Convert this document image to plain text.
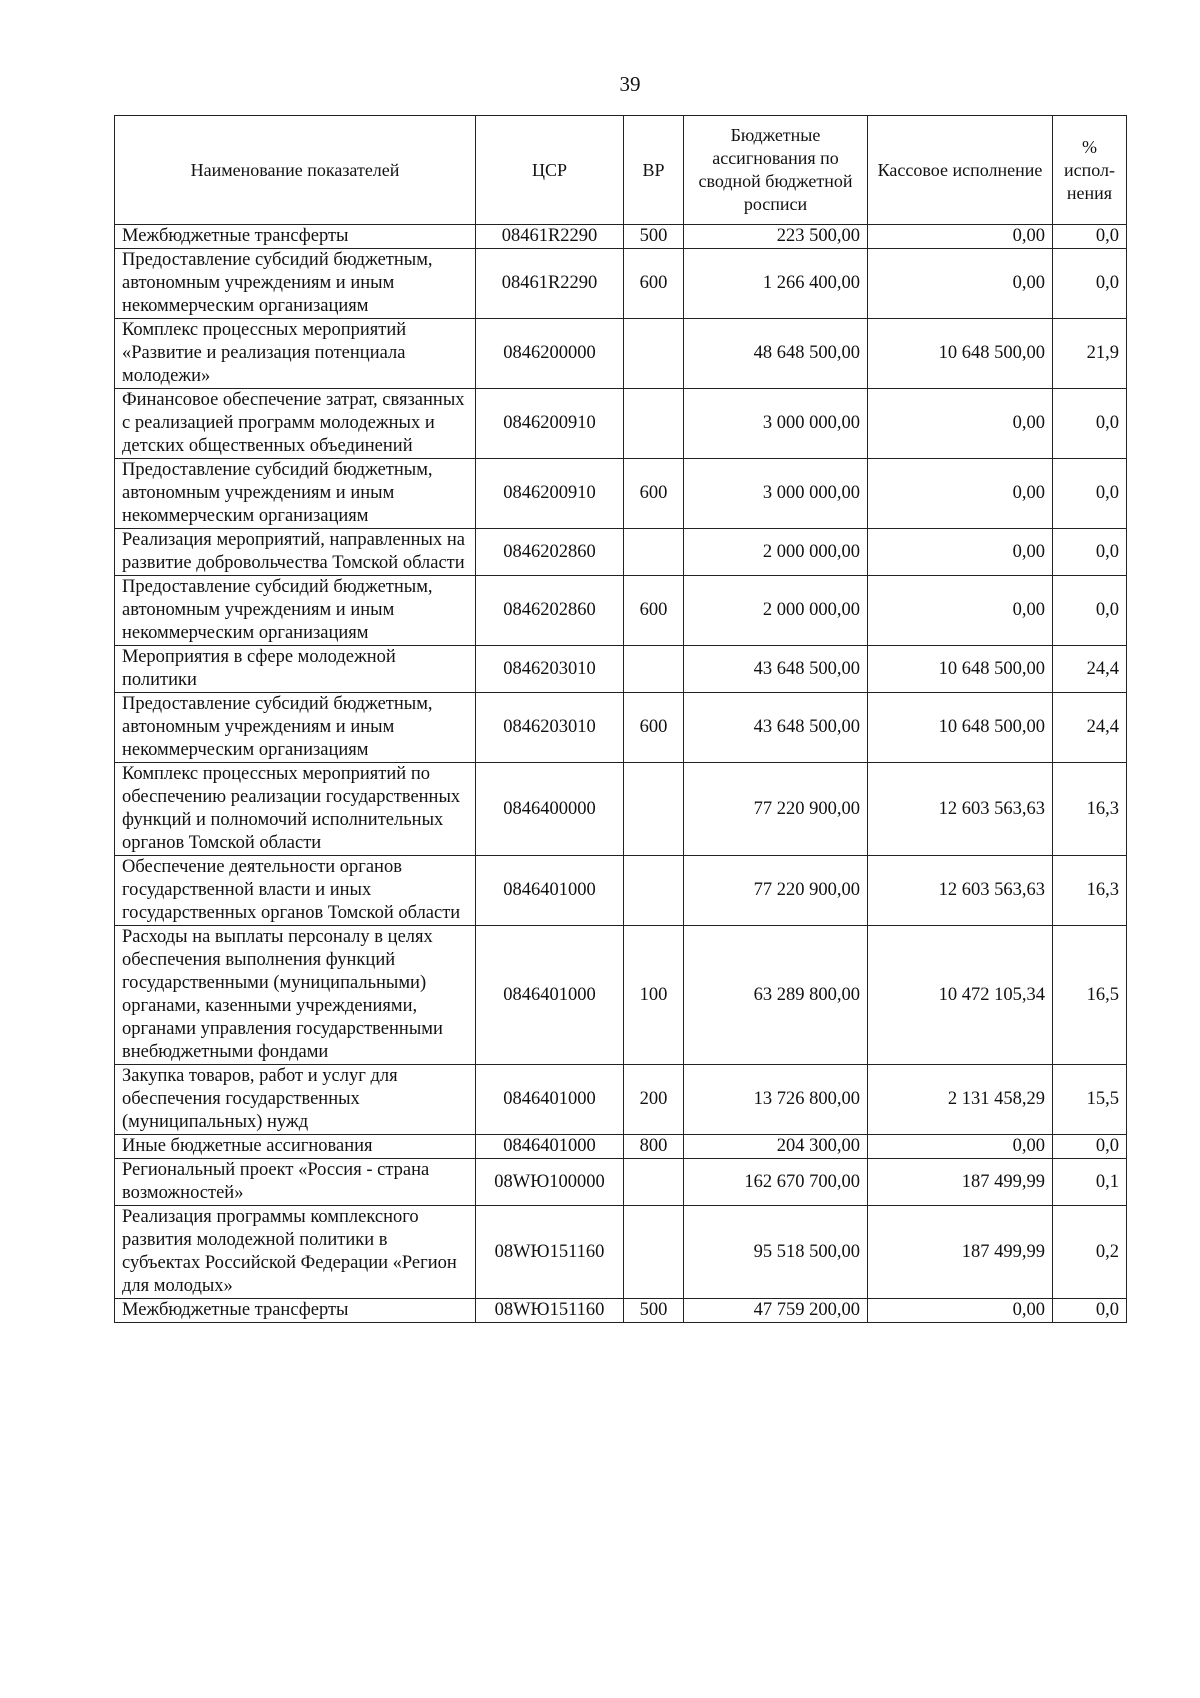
39
Наименование показателей	ЦСР	ВР	Бюджетные ассигнования по сводной бюджетной росписи	Кассовое исполнение	% испол-нения
Межбюджетные трансферты	08461R2290	500	223 500,00	0,00	0,0
Предоставление субсидий бюджетным, автономным учреждениям и иным некоммерческим организациям	08461R2290	600	1 266 400,00	0,00	0,0
Комплекс процессных мероприятий «Развитие и реализация потенциала молодежи»	0846200000		48 648 500,00	10 648 500,00	21,9
Финансовое обеспечение затрат, связанных с реализацией программ молодежных и детских общественных объединений	0846200910		3 000 000,00	0,00	0,0
Предоставление субсидий бюджетным, автономным учреждениям и иным некоммерческим организациям	0846200910	600	3 000 000,00	0,00	0,0
Реализация мероприятий, направленных на развитие добровольчества Томской области	0846202860		2 000 000,00	0,00	0,0
Предоставление субсидий бюджетным, автономным учреждениям и иным некоммерческим организациям	0846202860	600	2 000 000,00	0,00	0,0
Мероприятия в сфере молодежной политики	0846203010		43 648 500,00	10 648 500,00	24,4
Предоставление субсидий бюджетным, автономным учреждениям и иным некоммерческим организациям	0846203010	600	43 648 500,00	10 648 500,00	24,4
Комплекс процессных мероприятий по обеспечению реализации государственных функций и полномочий исполнительных органов Томской области	0846400000		77 220 900,00	12 603 563,63	16,3
Обеспечение деятельности органов государственной власти и иных государственных органов Томской области	0846401000		77 220 900,00	12 603 563,63	16,3
Расходы на выплаты персоналу в целях обеспечения выполнения функций государственными (муниципальными) органами, казенными учреждениями, органами управления государственными внебюджетными фондами	0846401000	100	63 289 800,00	10 472 105,34	16,5
Закупка товаров, работ и услуг для обеспечения государственных (муниципальных) нужд	0846401000	200	13 726 800,00	2 131 458,29	15,5
Иные бюджетные ассигнования	0846401000	800	204 300,00	0,00	0,0
Региональный проект «Россия - страна возможностей»	08WЮ100000		162 670 700,00	187 499,99	0,1
Реализация программы комплексного развития молодежной политики в субъектах Российской Федерации «Регион для молодых»	08WЮ151160		95 518 500,00	187 499,99	0,2
Межбюджетные трансферты	08WЮ151160	500	47 759 200,00	0,00	0,0
